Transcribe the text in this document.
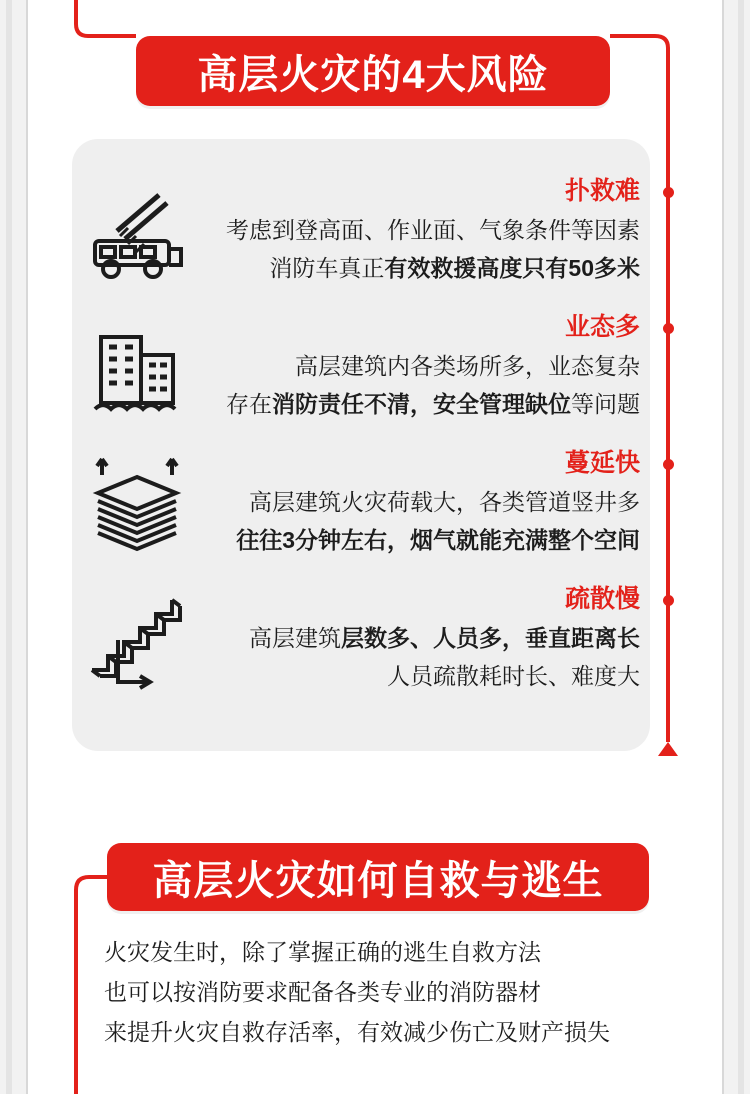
高层火灾的4大风险
扑救难
考虑到登高面、作业面、气象条件等因素
消防车真正有效救援高度只有50多米
业态多
高层建筑内各类场所多，业态复杂
存在消防责任不清，安全管理缺位等问题
蔓延快
高层建筑火灾荷载大，各类管道竖井多
往往3分钟左右，烟气就能充满整个空间
疏散慢
高层建筑层数多、人员多，垂直距离长
人员疏散耗时长、难度大
高层火灾如何自救与逃生
火灾发生时，除了掌握正确的逃生自救方法
也可以按消防要求配备各类专业的消防器材
来提升火灾自救存活率，有效减少伤亡及财产损失
